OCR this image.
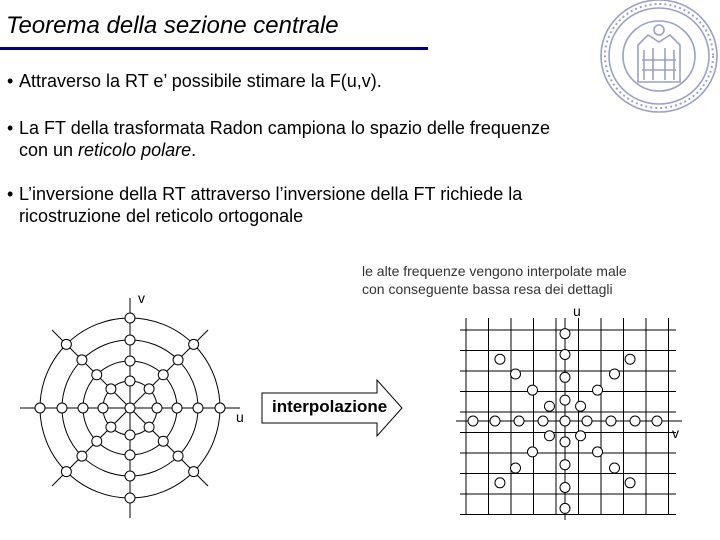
Teorema della sezione centrale
• Attraverso la RT e’ possibile stimare la F(u,v).
• La FT della trasformata Radon campiona lo spazio delle frequenze
con un reticolo polare.
• L’inversione della RT attraverso l’inversione della FT richiede la
ricostruzione del reticolo ortogonale
le alte frequenze vengono interpolate male
con conseguente bassa resa dei dettagli
v
u
interpolazione
u
v
